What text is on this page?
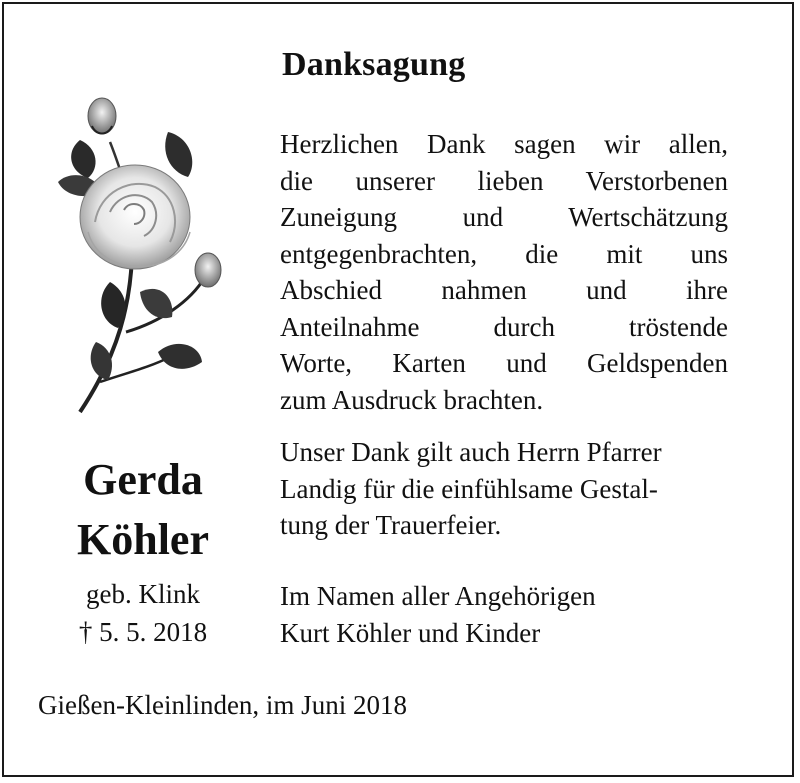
Danksagung
Herzlichen Dank sagen wir allen,
die unserer lieben Verstorbenen
Zuneigung und Wertschätzung
entgegenbrachten, die mit uns
Abschied nahmen und ihre
Anteilnahme durch tröstende
Worte, Karten und Geldspenden
zum Ausdruck brachten.
Unser Dank gilt auch Herrn Pfarrer
Landig für die einfühlsame Gestal-
tung der Trauerfeier.
Im Namen aller Angehörigen
Kurt Köhler und Kinder
Gerda
Köhler
geb. Klink
† 5. 5. 2018
Gießen-Kleinlinden, im Juni 2018
